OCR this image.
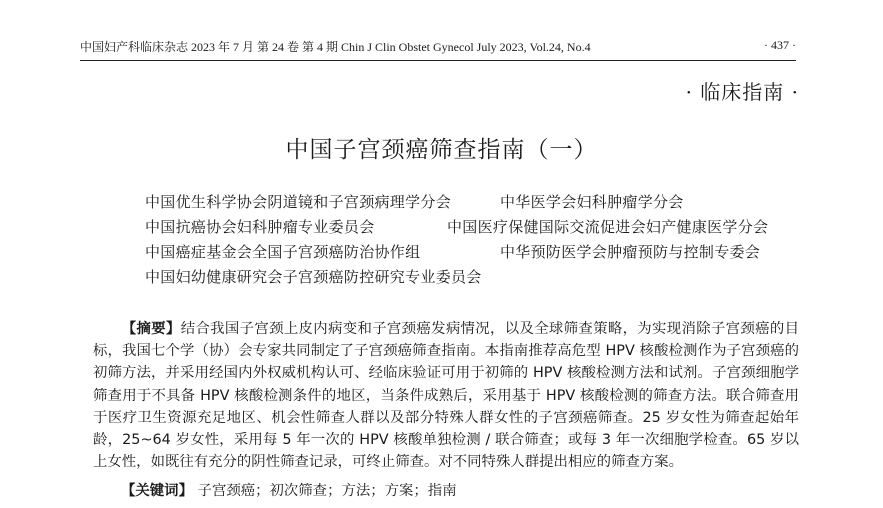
中国妇产科临床杂志 2023 年 7 月 第 24 卷 第 4 期 Chin J Clin Obstet Gynecol July 2023, Vol.24, No.4	· 437 ·
· 临床指南 ·
中国子宫颈癌筛查指南（一）
中国优生科学协会阴道镜和子宫颈病理学分会	中华医学会妇科肿瘤学分会
中国抗癌协会妇科肿瘤专业委员会	中国医疗保健国际交流促进会妇产健康医学分会
中国癌症基金会全国子宫颈癌防治协作组	中华预防医学会肿瘤预防与控制专委会
中国妇幼健康研究会子宫颈癌防控研究专业委员会
【摘要】结合我国子宫颈上皮内病变和子宫颈癌发病情况，以及全球筛查策略，为实现消除子宫颈癌的目标，我国七个学（协）会专家共同制定了子宫颈癌筛查指南。本指南推荐高危型 HPV 核酸检测作为子宫颈癌的初筛方法，并采用经国内外权威机构认可、经临床验证可用于初筛的 HPV 核酸检测方法和试剂。子宫颈细胞学筛查用于不具备 HPV 核酸检测条件的地区，当条件成熟后，采用基于 HPV 核酸检测的筛查方法。联合筛查用于医疗卫生资源充足地区、机会性筛查人群以及部分特殊人群女性的子宫颈癌筛查。25 岁女性为筛查起始年龄，25~64 岁女性，采用每 5 年一次的 HPV 核酸单独检测 / 联合筛查；或每 3 年一次细胞学检查。65 岁以上女性，如既往有充分的阴性筛查记录，可终止筛查。对不同特殊人群提出相应的筛查方案。
【关键词】 子宫颈癌；初次筛查；方法；方案；指南
